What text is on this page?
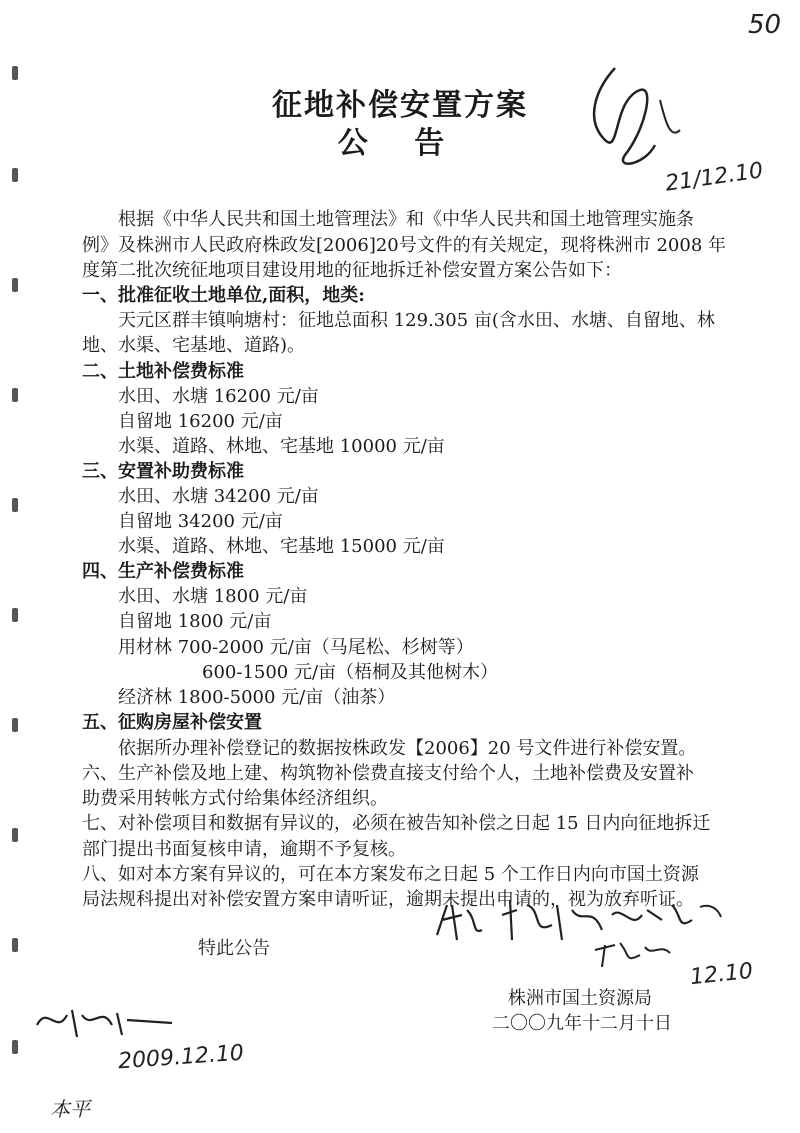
50
征地补偿安置方案
公 告
21/12.10
根据《中华人民共和国土地管理法》和《中华人民共和国土地管理实施条
例》及株洲市人民政府株政发[2006]20号文件的有关规定，现将株洲市 2008 年
度第二批次统征地项目建设用地的征地拆迁补偿安置方案公告如下：
一、批准征收土地单位,面积，地类:
天元区群丰镇响塘村：征地总面积 129.305 亩(含水田、水塘、自留地、林
地、水渠、宅基地、道路)。
二、土地补偿费标准
水田、水塘 16200 元/亩
自留地 16200 元/亩
水渠、道路、林地、宅基地 10000 元/亩
三、安置补助费标准
水田、水塘 34200 元/亩
自留地 34200 元/亩
水渠、道路、林地、宅基地 15000 元/亩
四、生产补偿费标准
水田、水塘 1800 元/亩
自留地 1800 元/亩
用材林 700-2000 元/亩（马尾松、杉树等）
600-1500 元/亩（梧桐及其他树木）
经济林 1800-5000 元/亩（油茶）
五、征购房屋补偿安置
依据所办理补偿登记的数据按株政发【2006】20 号文件进行补偿安置。
六、生产补偿及地上建、构筑物补偿费直接支付给个人，土地补偿费及安置补
助费采用转帐方式付给集体经济组织。
七、对补偿项目和数据有异议的，必须在被告知补偿之日起 15 日内向征地拆迁
部门提出书面复核申请，逾期不予复核。
八、如对本方案有异议的，可在本方案发布之日起 5 个工作日内向市国土资源
局法规科提出对补偿安置方案申请听证，逾期未提出申请的，视为放弃听证。
特此公告
12.10
株洲市国土资源局
二〇〇九年十二月十日
2009.12.10
本平
